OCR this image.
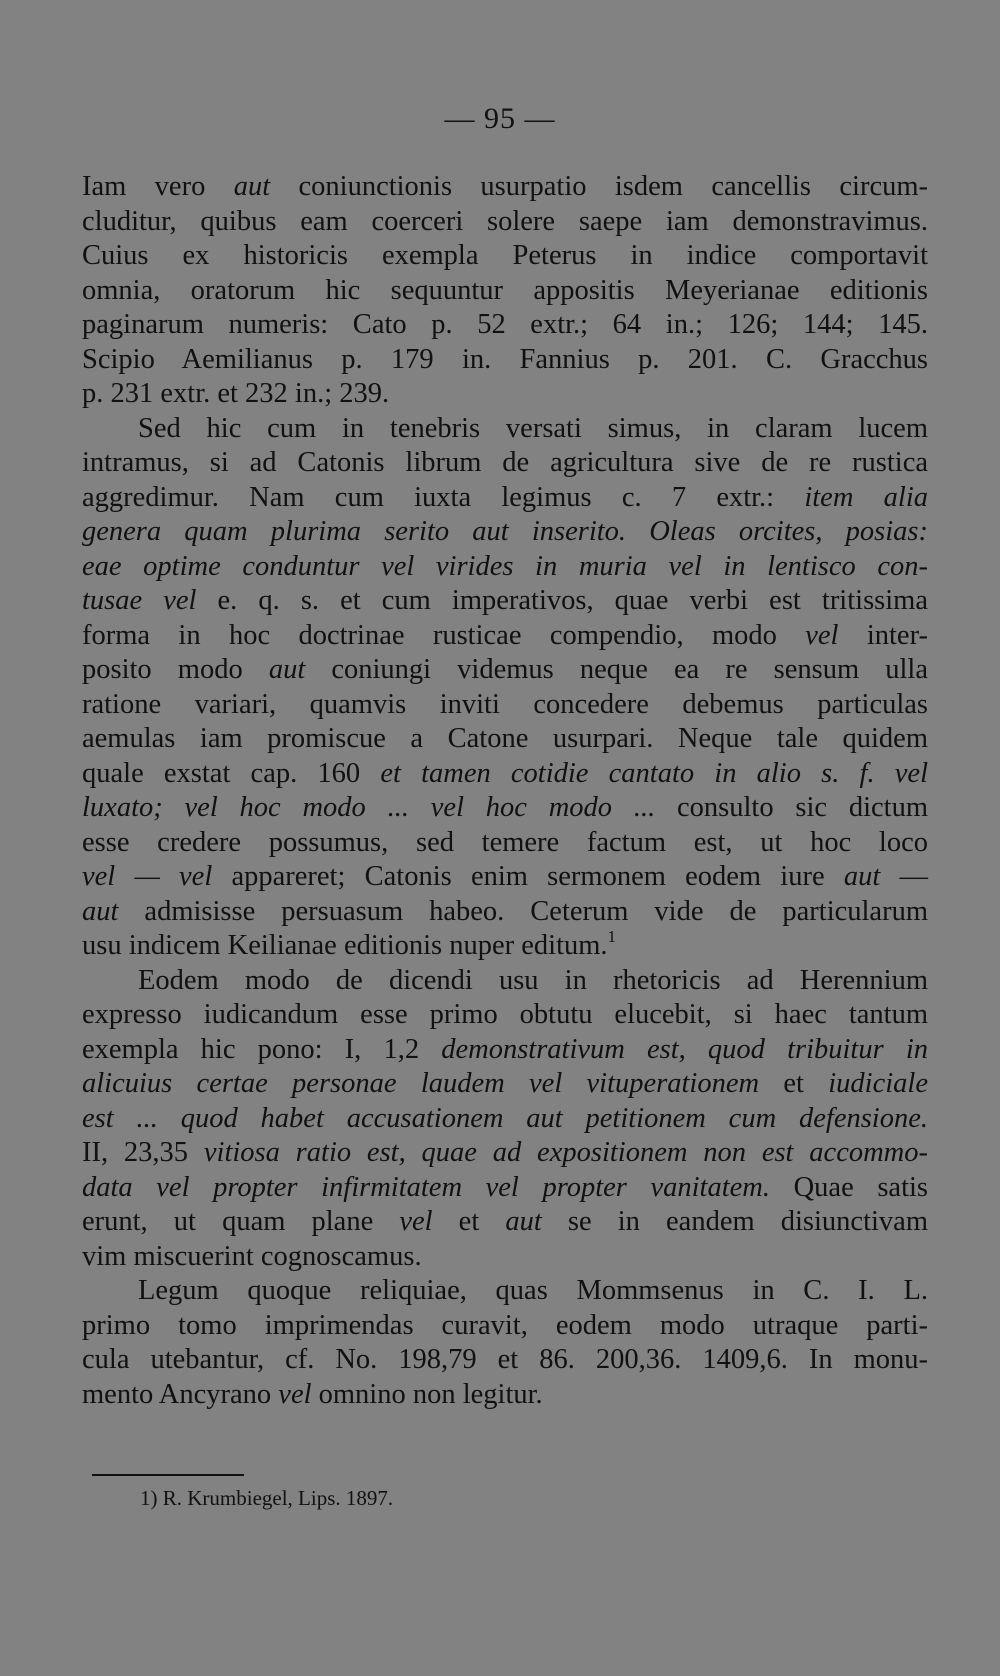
— 95 —
Iam vero aut coniunctionis usurpatio isdem cancellis circum-
cluditur, quibus eam coerceri solere saepe iam demonstravimus.
Cuius ex historicis exempla Peterus in indice comportavit
omnia, oratorum hic sequuntur appositis Meyerianae editionis
paginarum numeris: Cato p. 52 extr.; 64 in.; 126; 144; 145.
Scipio Aemilianus p. 179 in. Fannius p. 201. C. Gracchus
p. 231 extr. et 232 in.; 239.
Sed hic cum in tenebris versati simus, in claram lucem
intramus, si ad Catonis librum de agricultura sive de re rustica
aggredimur. Nam cum iuxta legimus c. 7 extr.: item alia
genera quam plurima serito aut inserito. Oleas orcites, posias:
eae optime conduntur vel virides in muria vel in lentisco con-
tusae vel e. q. s. et cum imperativos, quae verbi est tritissima
forma in hoc doctrinae rusticae compendio, modo vel inter-
posito modo aut coniungi videmus neque ea re sensum ulla
ratione variari, quamvis inviti concedere debemus particulas
aemulas iam promiscue a Catone usurpari. Neque tale quidem
quale exstat cap. 160 et tamen cotidie cantato in alio s. f. vel
luxato; vel hoc modo ... vel hoc modo ... consulto sic dictum
esse credere possumus, sed temere factum est, ut hoc loco
vel — vel appareret; Catonis enim sermonem eodem iure aut —
aut admisisse persuasum habeo. Ceterum vide de particularum
usu indicem Keilianae editionis nuper editum.$^1$
Eodem modo de dicendi usu in rhetoricis ad Herennium
expresso iudicandum esse primo obtutu elucebit, si haec tantum
exempla hic pono: I, 1,2 demonstrativum est, quod tribuitur in
alicuius certae personae laudem vel vituperationem et iudiciale
est ... quod habet accusationem aut petitionem cum defensione.
II, 23,35 vitiosa ratio est, quae ad expositionem non est accommo-
data vel propter infirmitatem vel propter vanitatem. Quae satis
erunt, ut quam plane vel et aut se in eandem disiunctivam
vim miscuerint cognoscamus.
Legum quoque reliquiae, quas Mommsenus in C. I. L.
primo tomo imprimendas curavit, eodem modo utraque parti-
cula utebantur, cf. No. 198,79 et 86. 200,36. 1409,6. In monu-
mento Ancyrano vel omnino non legitur.
1) R. Krumbiegel, Lips. 1897.
